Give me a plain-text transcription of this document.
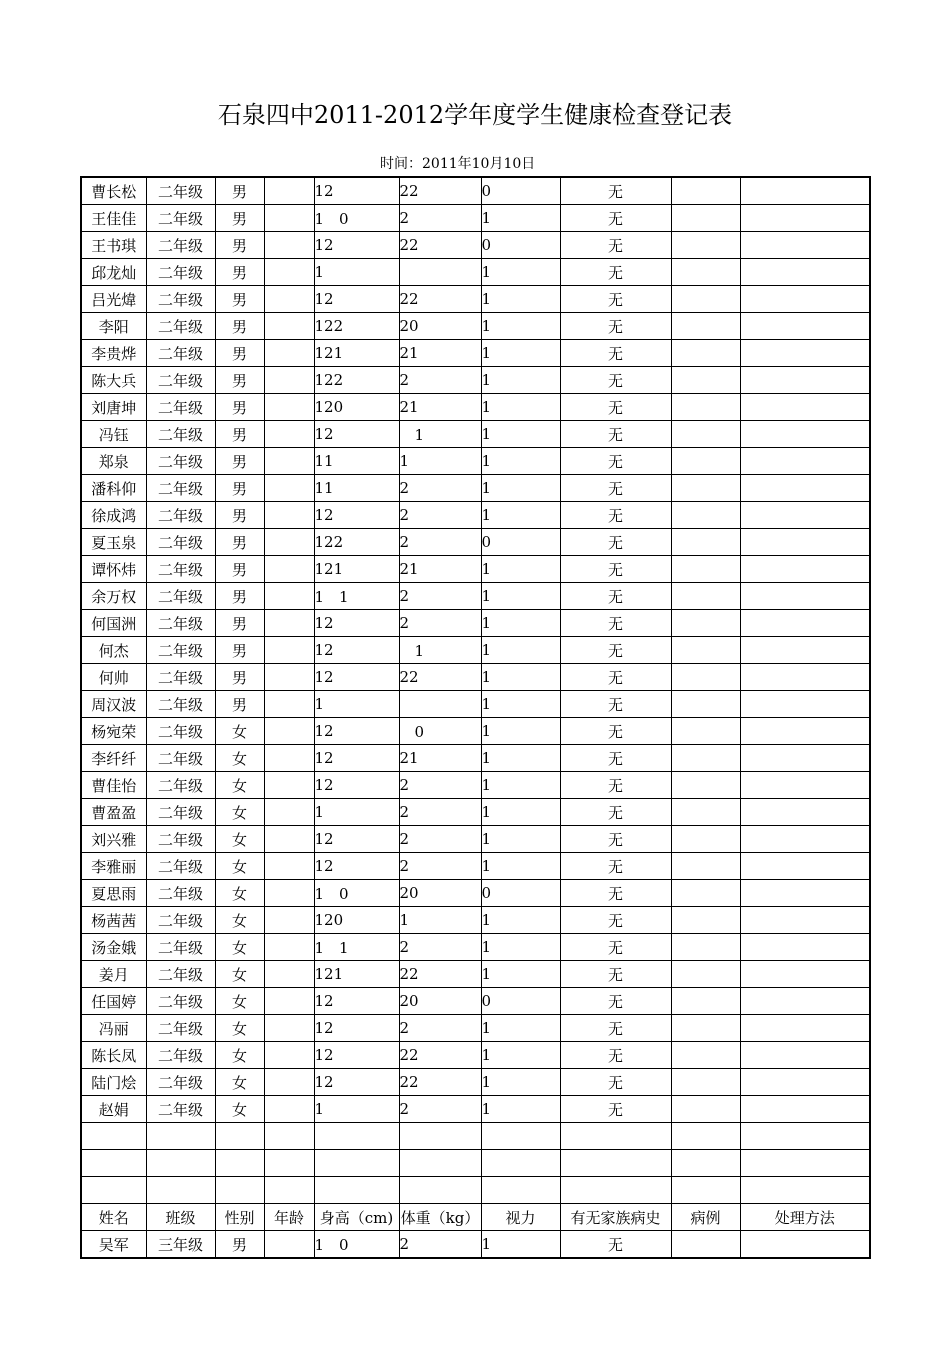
石泉四中2011-2012学年度学生健康检查登记表
时间：2011年10月10日
曹长松	二年级	男		12	22	0	无		
王佳佳	二年级	男		1　0	2	1	无		
王书琪	二年级	男		12	22	0	无		
邱龙灿	二年级	男		1		1	无		
吕光煒	二年级	男		12	22	1	无		
李阳	二年级	男		122	20	1	无		
李贵烨	二年级	男		121	21	1	无		
陈大兵	二年级	男		122	2	1	无		
刘唐坤	二年级	男		120	21	1	无		
冯钰	二年级	男		12	　1	1	无		
郑泉	二年级	男		11	1	1	无		
潘科仰	二年级	男		11	2	1	无		
徐成鸿	二年级	男		12	2	1	无		
夏玉泉	二年级	男		122	2	0	无		
谭怀炜	二年级	男		121	21	1	无		
余万权	二年级	男		1　1	2	1	无		
何国洲	二年级	男		12	2	1	无		
何杰	二年级	男		12	　1	1	无		
何帅	二年级	男		12	22	1	无		
周汉波	二年级	男		1		1	无		
杨宛荣	二年级	女		12	　0	1	无		
李纤纤	二年级	女		12	21	1	无		
曹佳怡	二年级	女		12	2	1	无		
曹盈盈	二年级	女		1	2	1	无		
刘兴雅	二年级	女		12	2	1	无		
李雅丽	二年级	女		12	2	1	无		
夏思雨	二年级	女		1　0	20	0	无		
杨茜茜	二年级	女		120	1	1	无		
汤金娥	二年级	女		1　1	2	1	无		
姜月	二年级	女		121	22	1	无		
任国婷	二年级	女		12	20	0	无		
冯丽	二年级	女		12	2	1	无		
陈长凤	二年级	女		12	22	1	无		
陆门烩	二年级	女		12	22	1	无		
赵娟	二年级	女		1	2	1	无		

姓名	班级	性别	年龄	身高（cm)	体重（kg）	视力	有无家族病史	病例	处理方法
吴军	三年级	男		1　0	2	1	无		
